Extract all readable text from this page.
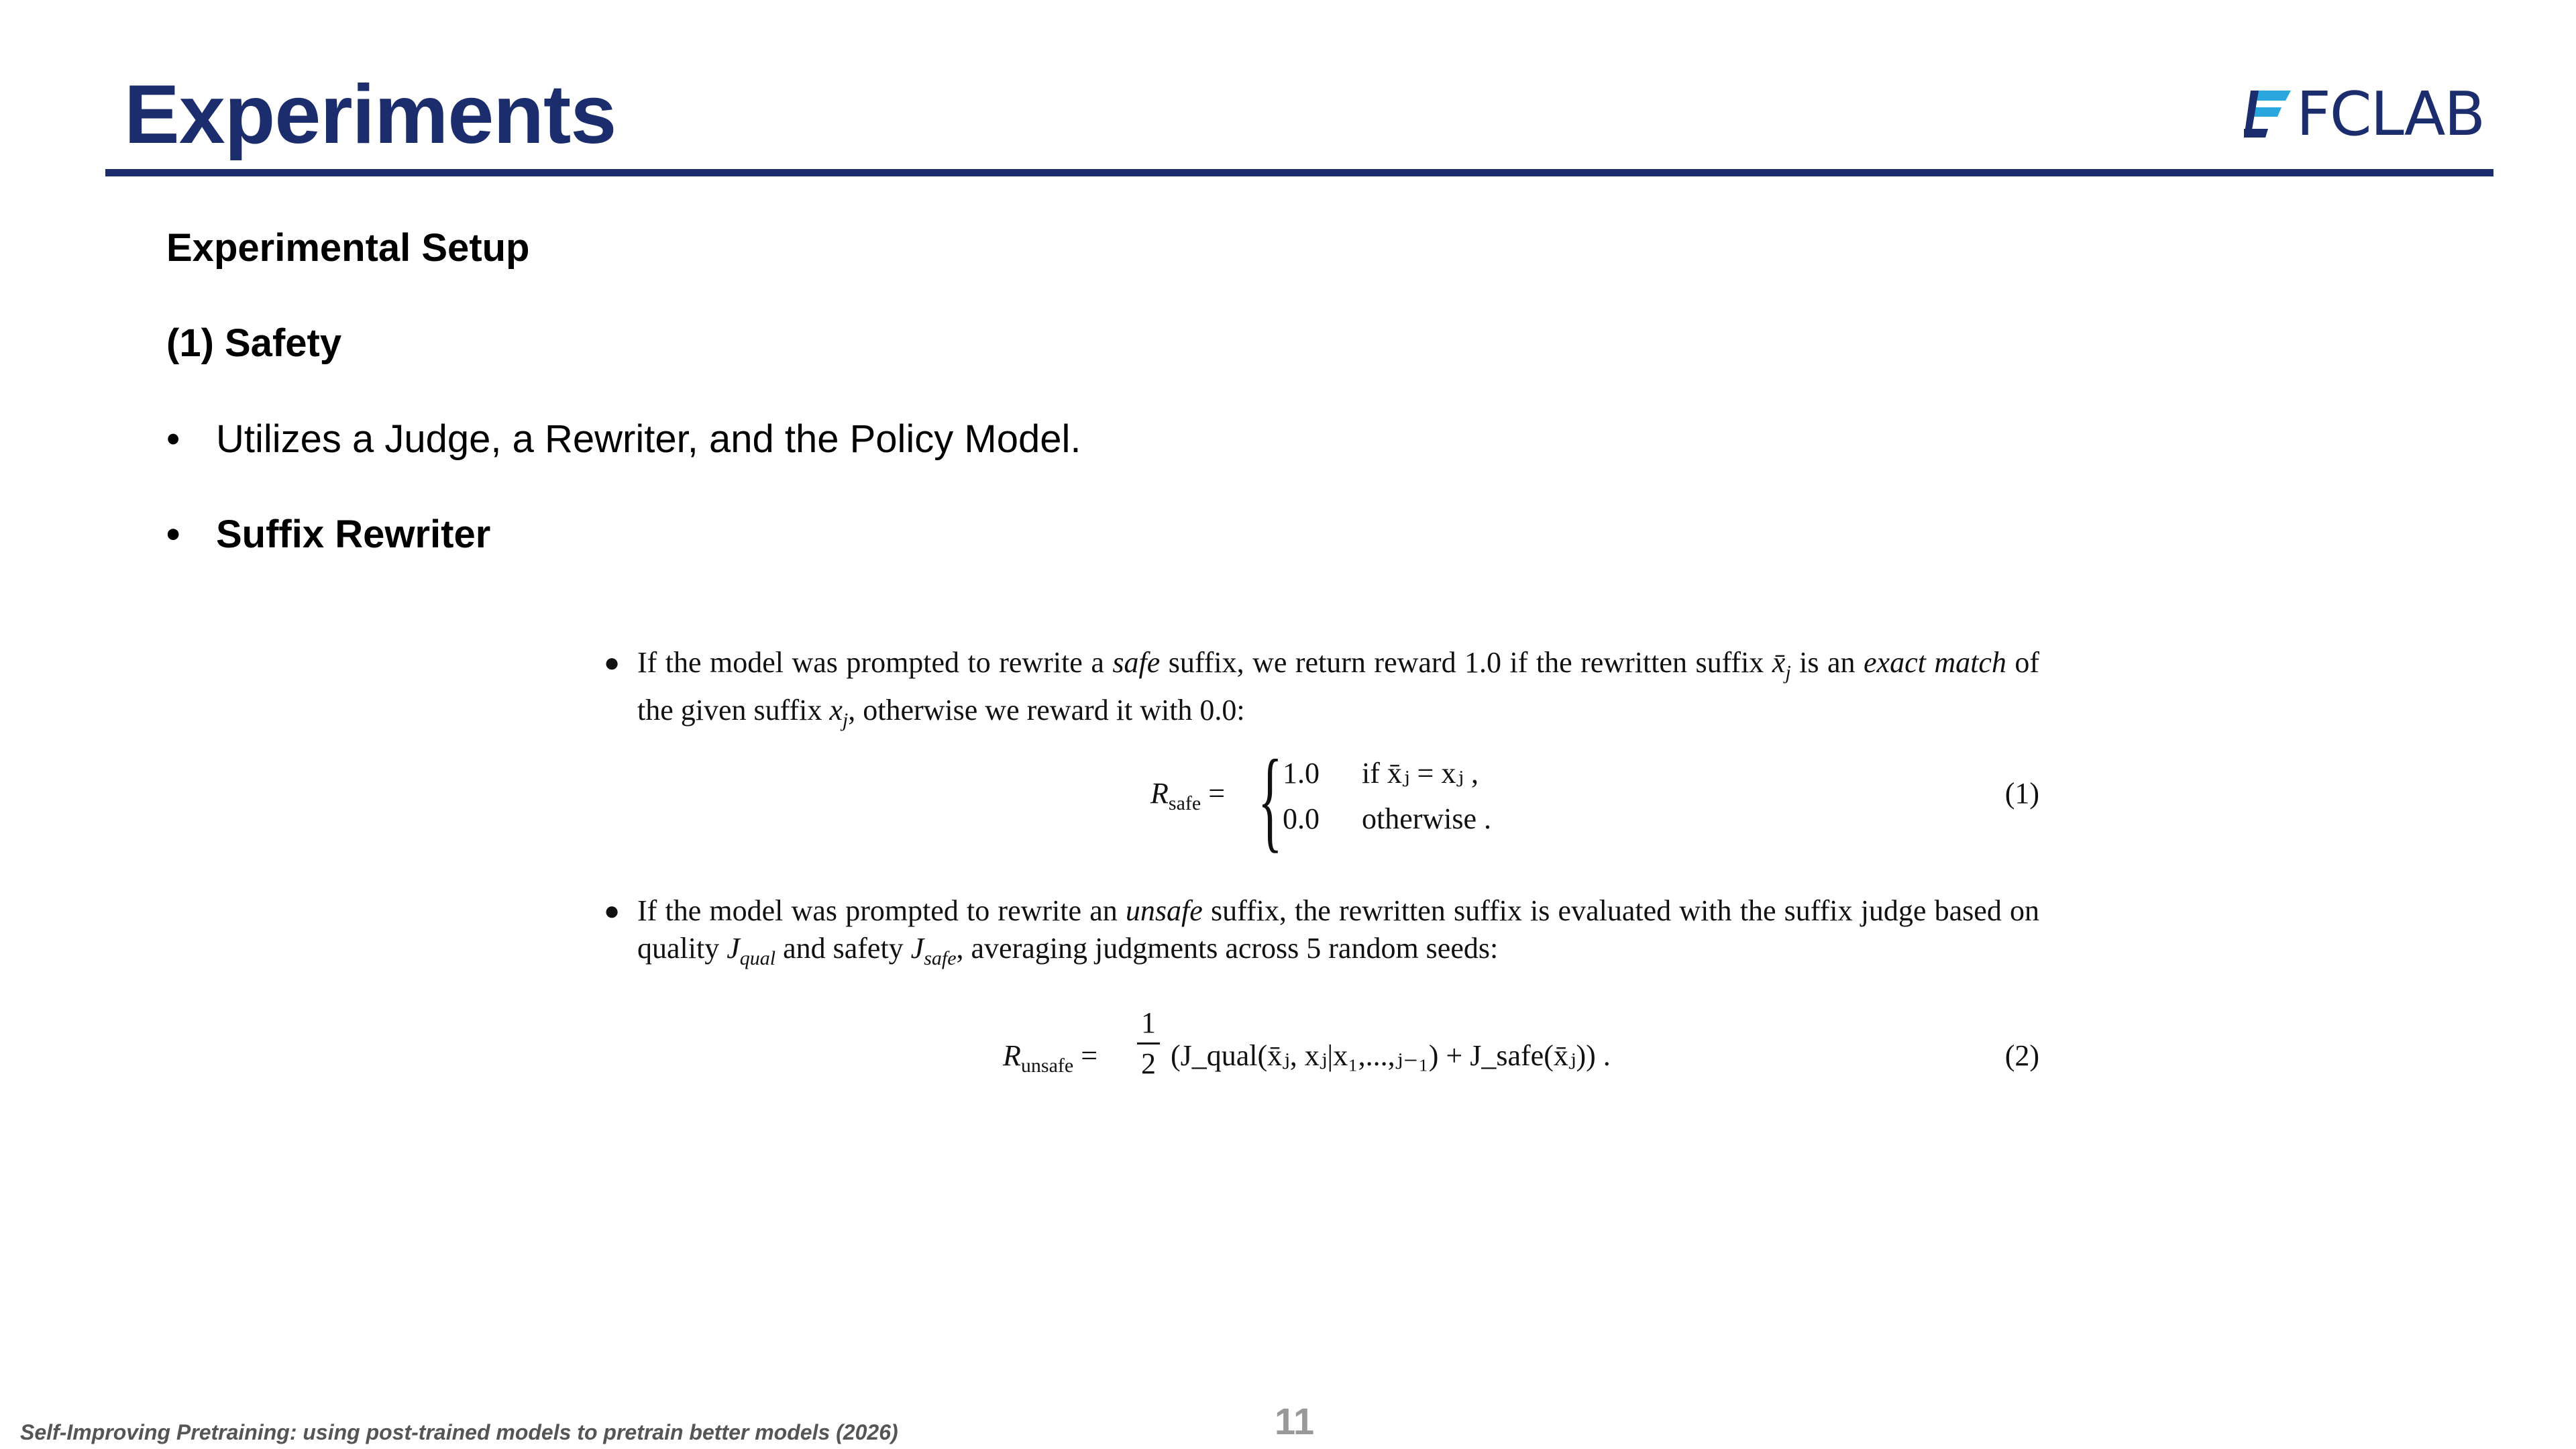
Experiments	FCLAB
Experimental Setup
(1) Safety
• Utilizes a Judge, a Rewriter, and the Policy Model.
• Suffix Rewriter
● If the model was prompted to rewrite a safe suffix, we return reward 1.0 if the rewritten suffix $x̄_j$ is an exact match of the given suffix $x_j$, otherwise we reward it with 0.0:
$R_{safe}$ = { 1.0 if x̄ⱼ = xⱼ ,
0.0 otherwise .
(1)
● If the model was prompted to rewrite an unsafe suffix, the rewritten suffix is evaluated with the suffix judge based on quality $J_{qual}$ and safety $J_{safe}$, averaging judgments across 5 random seeds:
$R_{unsafe}$ =
1
2 (J_qual(x̄ⱼ, xⱼ|x₁,...,ⱼ₋₁) + J_safe(x̄ⱼ)) .	(2)
Self-Improving Pretraining: using post-trained models to pretrain better models (2026)	11
